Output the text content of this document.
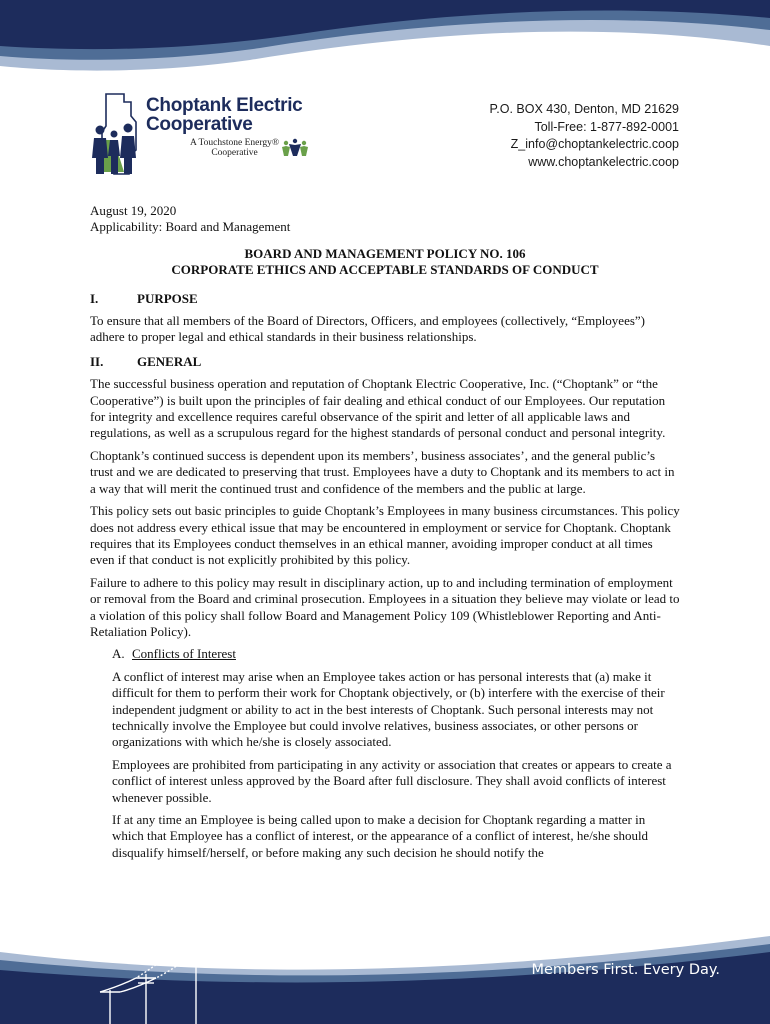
Choptank Electric
Cooperative
A Touchstone Energy®
Cooperative
P.O. BOX 430, Denton, MD 21629
Toll-Free: 1-877-892-0001
Z_info@choptankelectric.coop
www.choptankelectric.coop

August 19, 2020

Applicability: Board and Management

BOARD AND MANAGEMENT POLICY NO. 106

CORPORATE ETHICS AND ACCEPTABLE STANDARDS OF CONDUCT

I.	PURPOSE

To ensure that all members of the Board of Directors, Officers, and employees (collectively, “Employees”) adhere to proper legal and ethical standards in their business relationships.

II.	GENERAL

The successful business operation and reputation of Choptank Electric Cooperative, Inc. (“Choptank” or “the Cooperative”) is built upon the principles of fair dealing and ethical conduct of our Employees. Our reputation for integrity and excellence requires careful observance of the spirit and letter of all applicable laws and regulations, as well as a scrupulous regard for the highest standards of personal conduct and personal integrity.

Choptank’s continued success is dependent upon its members’, business associates’, and the general public’s trust and we are dedicated to preserving that trust. Employees have a duty to Choptank and its members to act in a way that will merit the continued trust and confidence of the members and the public at large.

This policy sets out basic principles to guide Choptank’s Employees in many business circumstances. This policy does not address every ethical issue that may be encountered in employment or service for Choptank. Choptank requires that its Employees conduct themselves in an ethical manner, avoiding improper conduct at all times even if that conduct is not explicitly prohibited by this policy.

Failure to adhere to this policy may result in disciplinary action, up to and including termination of employment or removal from the Board and criminal prosecution. Employees in a situation they believe may violate or lead to a violation of this policy shall follow Board and Management Policy 109 (Whistleblower Reporting and Anti-Retaliation Policy).

A. Conflicts of Interest

A conflict of interest may arise when an Employee takes action or has personal interests that (a) make it difficult for them to perform their work for Choptank objectively, or (b) interfere with the exercise of their independent judgment or ability to act in the best interests of Choptank. Such personal interests may not technically involve the Employee but could involve relatives, business associates, or other persons or organizations with which he/she is closely associated.

Employees are prohibited from participating in any activity or association that creates or appears to create a conflict of interest unless approved by the Board after full disclosure. They shall avoid conflicts of interest whenever possible.

If at any time an Employee is being called upon to make a decision for Choptank regarding a matter in which that Employee has a conflict of interest, or the appearance of a conflict of interest, he/she should disqualify himself/herself, or before making any such decision he should notify the

Members First. Every Day.
